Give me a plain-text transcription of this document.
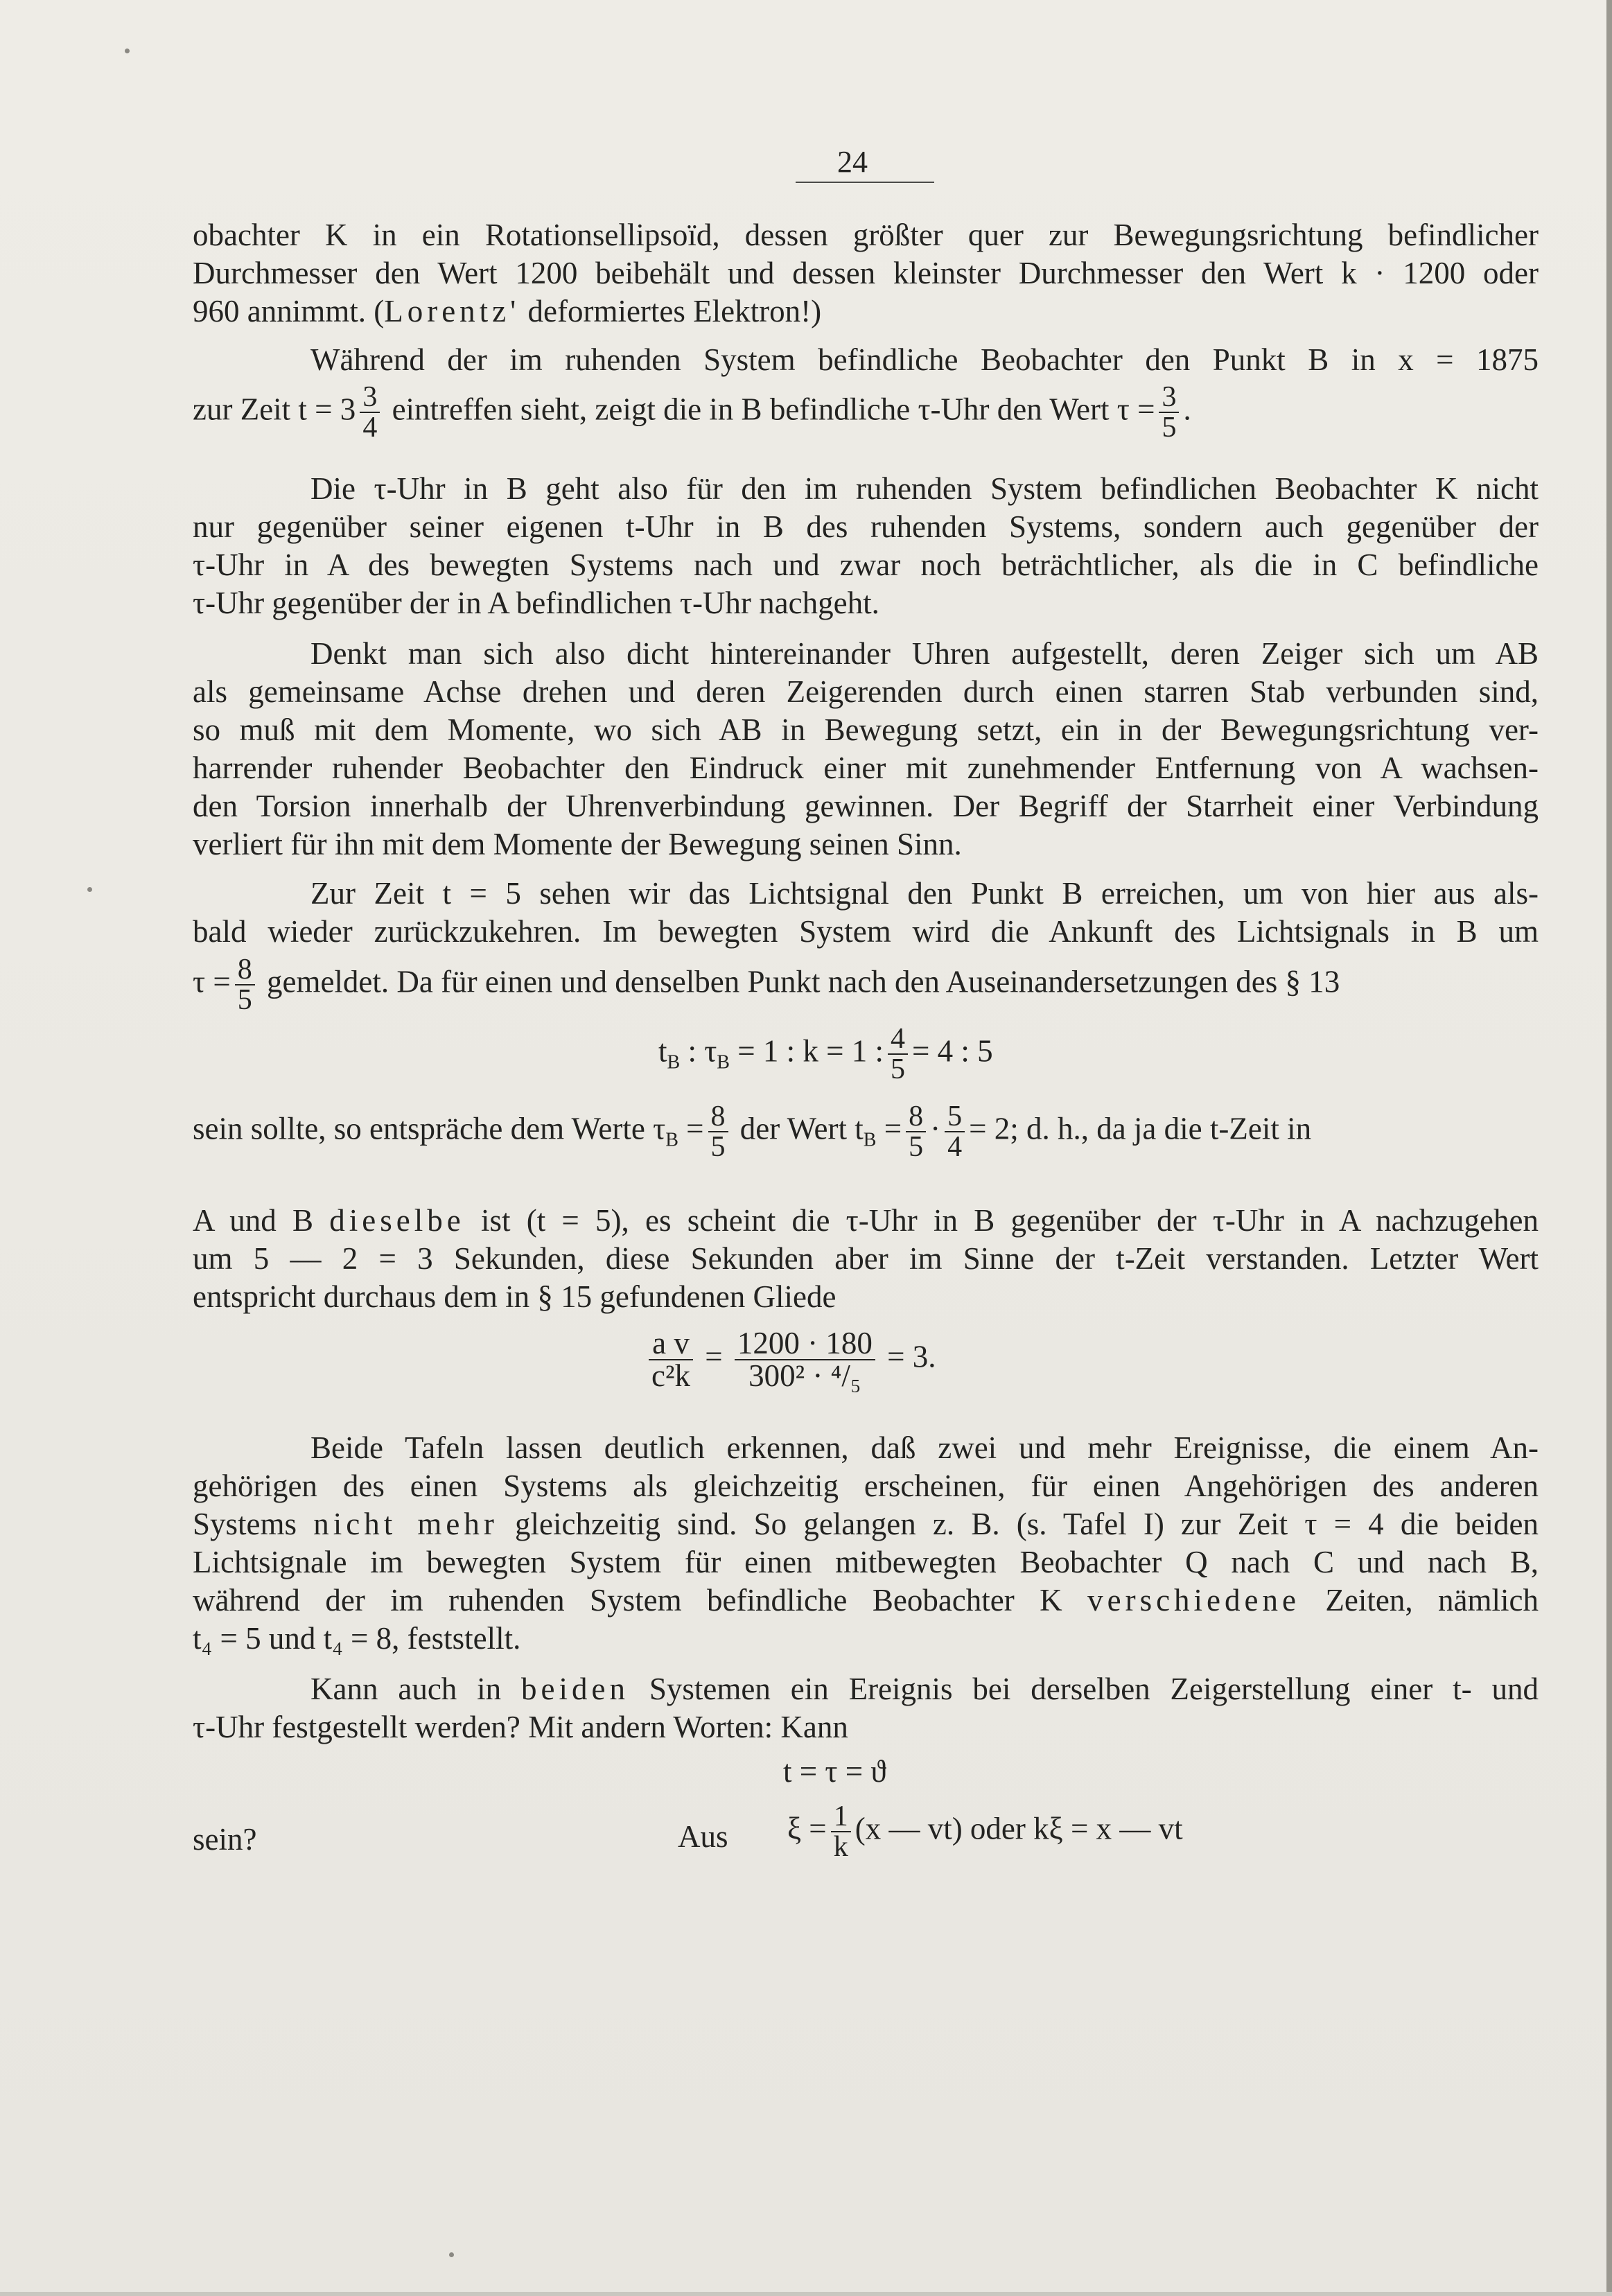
24
obachter K in ein Rotationsellipsoïd, dessen größter quer zur Bewegungsrichtung befindlicher
Durchmesser den Wert 1200 beibehält und dessen kleinster Durchmesser den Wert k · 1200 oder
960 annimmt. (Lorentz' deformiertes Elektron!)
Während der im ruhenden System befindliche Beobachter den Punkt B in x = 1875
zur Zeit $t = 3 \frac{3}{4}$ eintreffen sieht, zeigt die in B befindliche τ-Uhr den Wert $\tau = \frac{3}{5}$ .
Die τ-Uhr in B geht also für den im ruhenden System befindlichen Beobachter K nicht
nur gegenüber seiner eigenen t-Uhr in B des ruhenden Systems, sondern auch gegenüber der
τ-Uhr in A des bewegten Systems nach und zwar noch beträchtlicher, als die in C befindliche
τ-Uhr gegenüber der in A befindlichen τ-Uhr nachgeht.
Denkt man sich also dicht hintereinander Uhren aufgestellt, deren Zeiger sich um AB
als gemeinsame Achse drehen und deren Zeigerenden durch einen starren Stab verbunden sind,
so muß mit dem Momente, wo sich AB in Bewegung setzt, ein in der Bewegungsrichtung ver-
harrender ruhender Beobachter den Eindruck einer mit zunehmender Entfernung von A wachsen-
den Torsion innerhalb der Uhrenverbindung gewinnen. Der Begriff der Starrheit einer Verbindung
verliert für ihn mit dem Momente der Bewegung seinen Sinn.
Zur Zeit t = 5 sehen wir das Lichtsignal den Punkt B erreichen, um von hier aus als-
bald wieder zurückzukehren. Im bewegten System wird die Ankunft des Lichtsignals in B um
$\tau = \frac{8}{5}$ gemeldet. Da für einen und denselben Punkt nach den Auseinandersetzungen des § 13
$t_B$ : $\tau_B = 1$ : k = 1 : $\frac{4}{5} = 4$ : 5
sein sollte, so entspräche dem Werte $\tau_B = \frac{8}{5}$ der Wert $t_B = \frac{8}{5} \cdot \frac{5}{4} = 2$; d. h., da ja die t-Zeit in
A und B dieselbe ist (t = 5), es scheint die τ-Uhr in B gegenüber der τ-Uhr in A nachzugehen
um 5 — 2 = 3 Sekunden, diese Sekunden aber im Sinne der t-Zeit verstanden. Letzter Wert
entspricht durchaus dem in § 15 gefundenen Gliede
$\frac{\text{a v}}{\text{c²k}} = \frac{1200 \cdot 180}{\text{300² · ⁴/₅}} = 3$.
Beide Tafeln lassen deutlich erkennen, daß zwei und mehr Ereignisse, die einem An-
gehörigen des einen Systems als gleichzeitig erscheinen, für einen Angehörigen des anderen
Systems nicht mehr gleichzeitig sind. So gelangen z. B. (s. Tafel I) zur Zeit τ = 4 die beiden
Lichtsignale im bewegten System für einen mitbewegten Beobachter Q nach C und nach B,
während der im ruhenden System befindliche Beobachter K verschiedene Zeiten, nämlich
t₄ = 5 und t₄ = 8, feststellt.
Kann auch in beiden Systemen ein Ereignis bei derselben Zeigerstellung einer t- und
τ-Uhr festgestellt werden? Mit andern Worten: Kann
t = τ = ϑ
sein?	Aus $\xi = \frac{1}{k} (x$ — vt) oder kξ = x — vt
